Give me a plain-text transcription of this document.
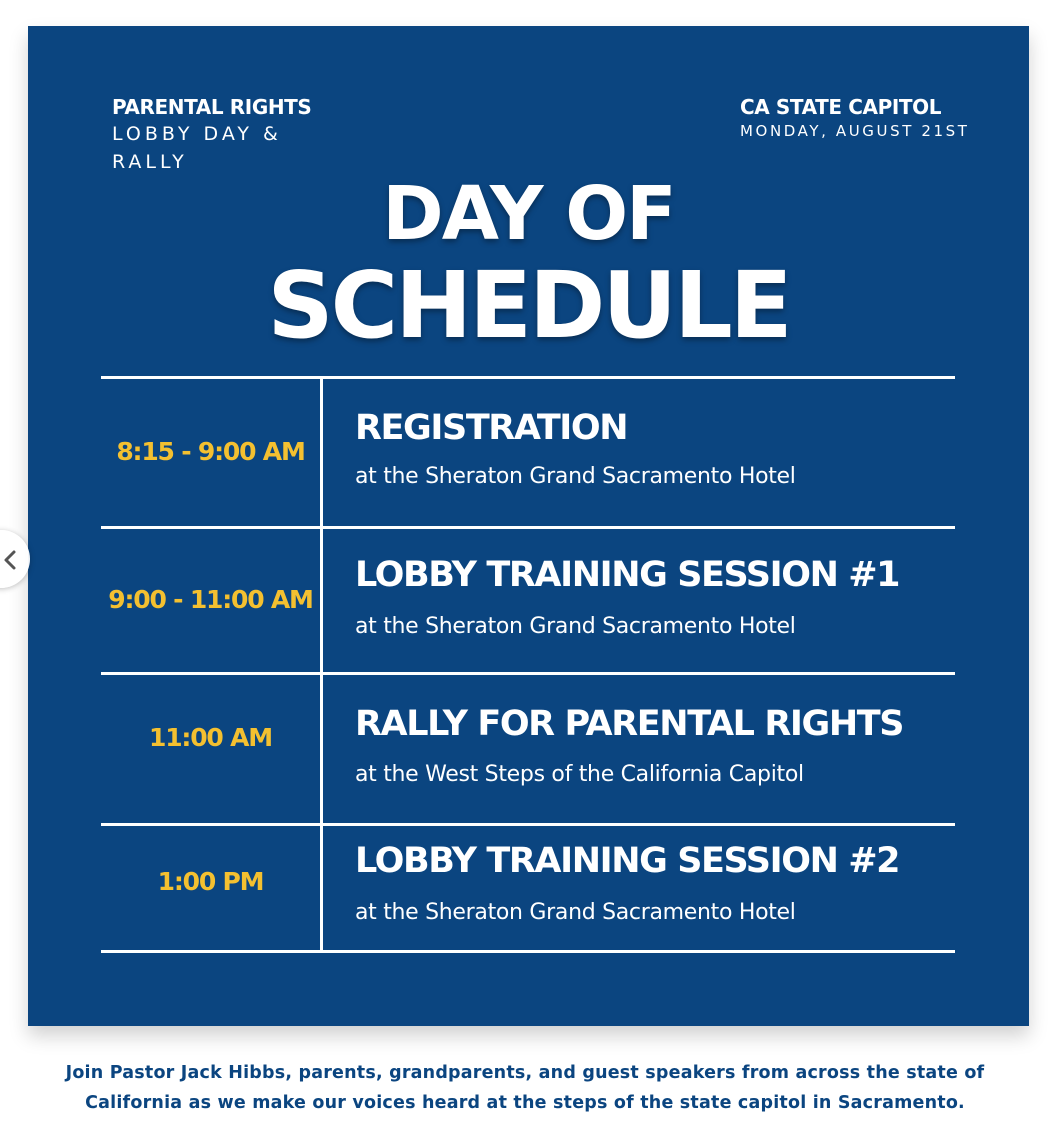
PARENTAL RIGHTS
LOBBY DAY & RALLY
CA STATE CAPITOL
MONDAY, AUGUST 21ST
DAY OF
SCHEDULE
8:15 - 9:00 AM
REGISTRATION
at the Sheraton Grand Sacramento Hotel
9:00 - 11:00 AM
LOBBY TRAINING SESSION #1
at the Sheraton Grand Sacramento Hotel
11:00 AM	RALLY FOR PARENTAL RIGHTS
at the West Steps of the California Capitol
1:00 PM
LOBBY TRAINING SESSION #2
at the Sheraton Grand Sacramento Hotel
Join Pastor Jack Hibbs, parents, grandparents, and guest speakers from across the state of
California as we make our voices heard at the steps of the state capitol in Sacramento.
